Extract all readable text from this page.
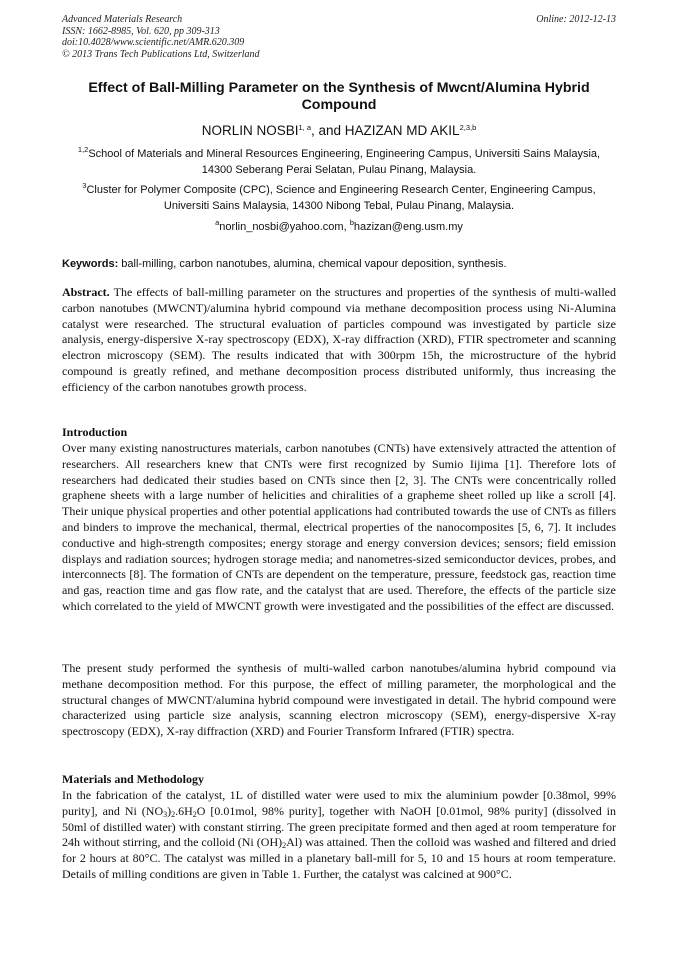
Advanced Materials Research
ISSN: 1662-8985, Vol. 620, pp 309-313
doi:10.4028/www.scientific.net/AMR.620.309
© 2013 Trans Tech Publications Ltd, Switzerland
Online: 2012-12-13
Effect of Ball-Milling Parameter on the Synthesis of Mwcnt/Alumina Hybrid Compound
NORLIN NOSBI$^{1, a}$, and HAZIZAN MD AKIL$^{2,3,b}$
$^{1,2}$School of Materials and Mineral Resources Engineering, Engineering Campus, Universiti Sains Malaysia, 14300 Seberang Perai Selatan, Pulau Pinang, Malaysia.
$^3$Cluster for Polymer Composite (CPC), Science and Engineering Research Center, Engineering Campus, Universiti Sains Malaysia, 14300 Nibong Tebal, Pulau Pinang, Malaysia.
$^a$norlin_nosbi@yahoo.com, $^b$hazizan@eng.usm.my
Keywords: ball-milling, carbon nanotubes, alumina, chemical vapour deposition, synthesis.

Abstract. The effects of ball-milling parameter on the structures and properties of the synthesis of multi-walled carbon nanotubes (MWCNT)/alumina hybrid compound via methane decomposition process using Ni-Alumina catalyst were researched. The structural evaluation of particles compound was investigated by particle size analysis, energy-dispersive X-ray spectroscopy (EDX), X-ray diffraction (XRD), FTIR spectrometer and scanning electron microscopy (SEM). The results indicated that with 300rpm 15h, the microstructure of the hybrid compound is greatly refined, and methane decomposition process distributed uniformly, thus increasing the efficiency of the carbon nanotubes growth process.

Introduction

Over many existing nanostructures materials, carbon nanotubes (CNTs) have extensively attracted the attention of researchers. All researchers knew that CNTs were first recognized by Sumio Iijima [1]. Therefore lots of researchers had dedicated their studies based on CNTs since then [2, 3]. The CNTs were concentrically rolled graphene sheets with a large number of helicities and chiralities of a grapheme sheet rolled up like a scroll [4]. Their unique physical properties and other potential applications had contributed towards the use of CNTs as fillers and binders to improve the mechanical, thermal, electrical properties of the nanocomposites [5, 6, 7]. It includes conductive and high-strength composites; energy storage and energy conversion devices; sensors; field emission displays and radiation sources; hydrogen storage media; and nanometres-sized semiconductor devices, probes, and interconnects [8]. The formation of CNTs are dependent on the temperature, pressure, feedstock gas, reaction time and gas, reaction time and gas flow rate, and the catalyst that are used. Therefore, the effects of the particle size which correlated to the yield of MWCNT growth were investigated and the possibilities of the effect are discussed.

The present study performed the synthesis of multi-walled carbon nanotubes/alumina hybrid compound via methane decomposition method. For this purpose, the effect of milling parameter, the morphological and the structural changes of MWCNT/alumina hybrid compound were investigated in detail. The hybrid compound were characterized using particle size analysis, scanning electron microscopy (SEM), energy-dispersive X-ray spectroscopy (EDX), X-ray diffraction (XRD) and Fourier Transform Infrared (FTIR) spectra.

Materials and Methodology

In the fabrication of the catalyst, 1L of distilled water were used to mix the aluminium powder [0.38mol, 99% purity], and Ni $(NO_3)_2.6H_2O$ [0.01mol, 98% purity], together with NaOH [0.01mol, 98% purity] (dissolved in 50ml of distilled water) with constant stirring. The green precipitate formed and then aged at room temperature for 24h without stirring, and the colloid (Ni $(OH)_2Al$) was attained. Then the colloid was washed and filtered and dried for 2 hours at 80°C. The catalyst was milled in a planetary ball-mill for 5, 10 and 15 hours at room temperature. Details of milling conditions are given in Table 1. Further, the catalyst was calcined at 900°C.
